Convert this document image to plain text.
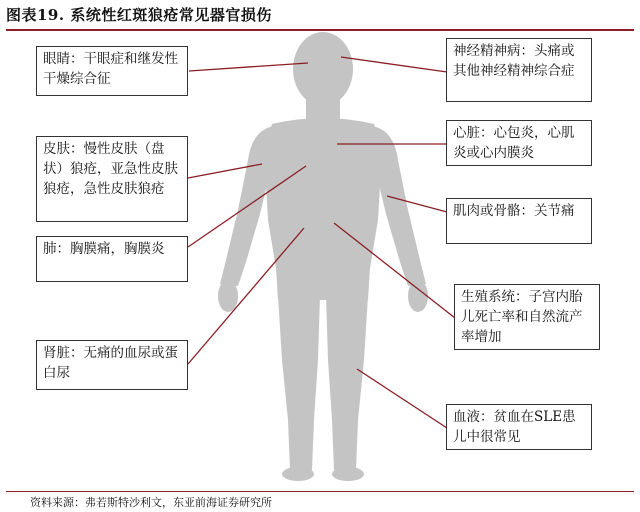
图表19. 系统性红斑狼疮常见器官损伤
眼睛：干眼症和继发性干燥综合征
神经精神病：头痛或其他神经精神综合症
皮肤：慢性皮肤（盘状）狼疮，亚急性皮肤狼疮，急性皮肤狼疮
心脏：心包炎，心肌炎或心内膜炎
肺：胸膜痛，胸膜炎
肌肉或骨骼：关节痛
肾脏：无痛的血尿或蛋白尿
生殖系统：子宫内胎儿死亡率和自然流产率增加
血液：贫血在SLE患儿中很常见
资料来源：弗若斯特沙利文，东亚前海证券研究所
